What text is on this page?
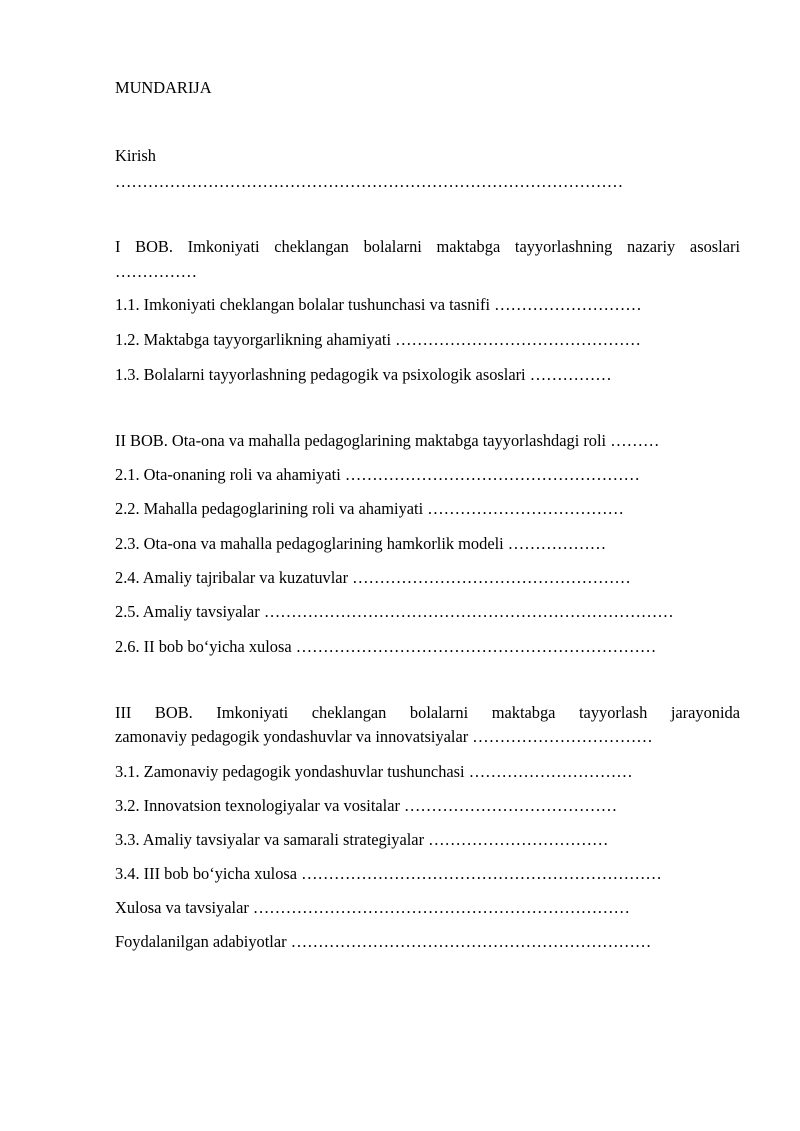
MUNDARIJA
Kirish
…………………………………………………………………………………
I BOB. Imkoniyati cheklangan bolalarni maktabga tayyorlashning nazariy asoslari
……………
1.1. Imkoniyati cheklangan bolalar tushunchasi va tasnifi ………………………
1.2. Maktabga tayyorgarlikning ahamiyati ………………………………………
1.3. Bolalarni tayyorlashning pedagogik va psixologik asoslari ……………
II BOB. Ota-ona va mahalla pedagoglarining maktabga tayyorlashdagi roli ………
2.1. Ota-onaning roli va ahamiyati ………………………………………………
2.2. Mahalla pedagoglarining roli va ahamiyati ………………………………
2.3. Ota-ona va mahalla pedagoglarining hamkorlik modeli ………………
2.4. Amaliy tajribalar va kuzatuvlar ……………………………………………
2.5. Amaliy tavsiyalar …………………………………………………………………
2.6. II bob bo‘yicha xulosa …………………………………………………………
III BOB. Imkoniyati cheklangan bolalarni maktabga tayyorlash jarayonida
zamonaviy pedagogik yondashuvlar va innovatsiyalar ……………………………
3.1. Zamonaviy pedagogik yondashuvlar tushunchasi …………………………
3.2. Innovatsion texnologiyalar va vositalar …………………………………
3.3. Amaliy tavsiyalar va samarali strategiyalar ……………………………
3.4. III bob bo‘yicha xulosa …………………………………………………………
Xulosa va tavsiyalar ……………………………………………………………
Foydalanilgan adabiyotlar …………………………………………………………
